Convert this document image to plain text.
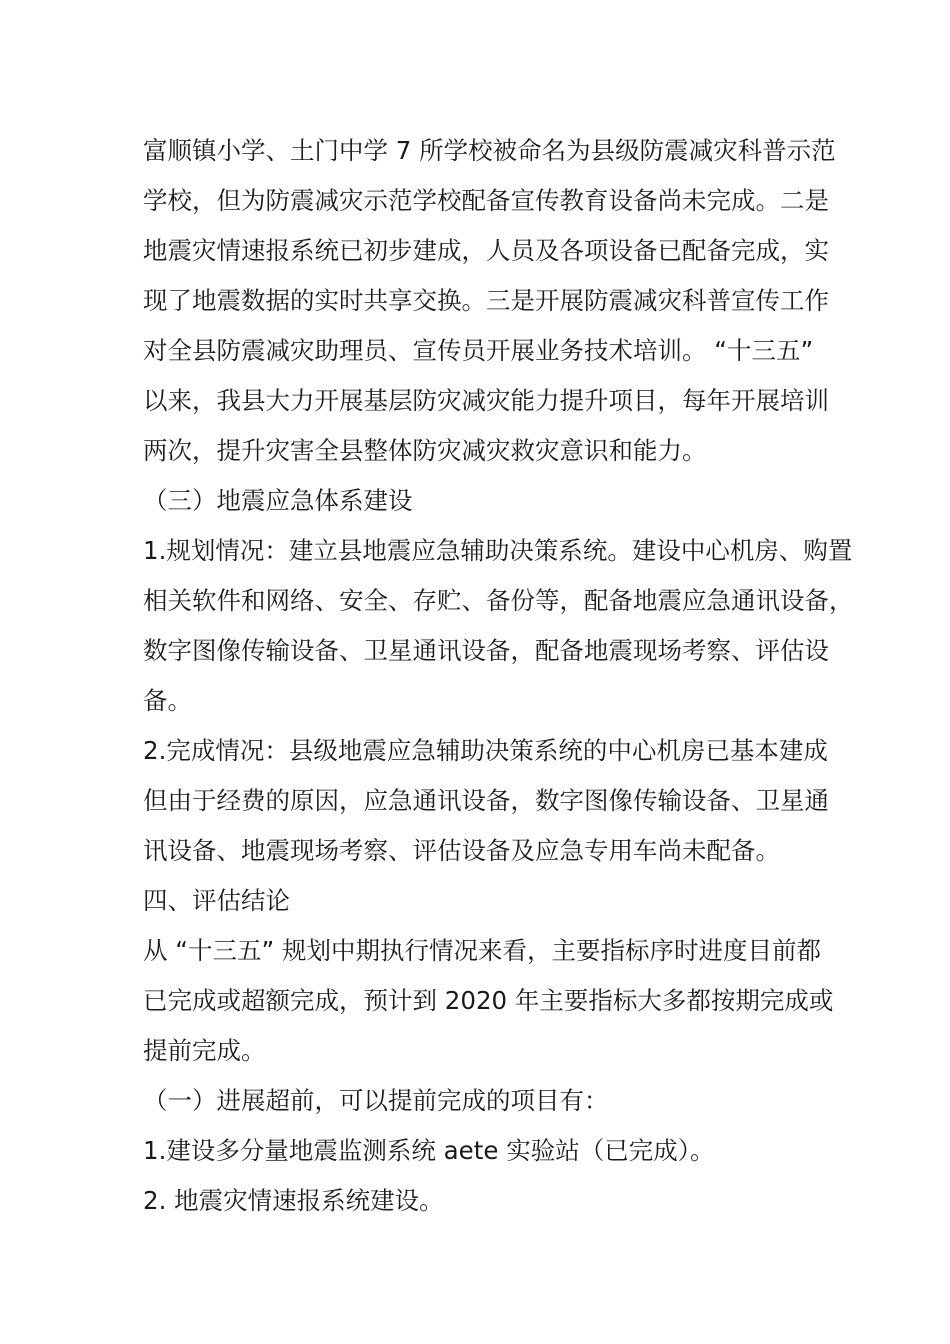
富顺镇小学、土门中学 7 所学校被命名为县级防震减灾科普示范
学校，但为防震减灾示范学校配备宣传教育设备尚未完成。二是
地震灾情速报系统已初步建成，人员及各项设备已配备完成，实
现了地震数据的实时共享交换。三是开展防震减灾科普宣传工作
对全县防震减灾助理员、宣传员开展业务技术培训。 “十三五”
以来，我县大力开展基层防灾减灾能力提升项目，每年开展培训
两次，提升灾害全县整体防灾减灾救灾意识和能力。
（三）地震应急体系建设
1.规划情况：建立县地震应急辅助决策系统。建设中心机房、购置
相关软件和网络、安全、存贮、备份等，配备地震应急通讯设备，
数字图像传输设备、卫星通讯设备，配备地震现场考察、评估设
备。
2.完成情况：县级地震应急辅助决策系统的中心机房已基本建成
但由于经费的原因，应急通讯设备，数字图像传输设备、卫星通
讯设备、地震现场考察、评估设备及应急专用车尚未配备。
四、评估结论
从 “十三五” 规划中期执行情况来看，主要指标序时进度目前都
已完成或超额完成，预计到 2020 年主要指标大多都按期完成或
提前完成。
（一）进展超前，可以提前完成的项目有：
1.建设多分量地震监测系统 aete 实验站（已完成）。
2. 地震灾情速报系统建设。
